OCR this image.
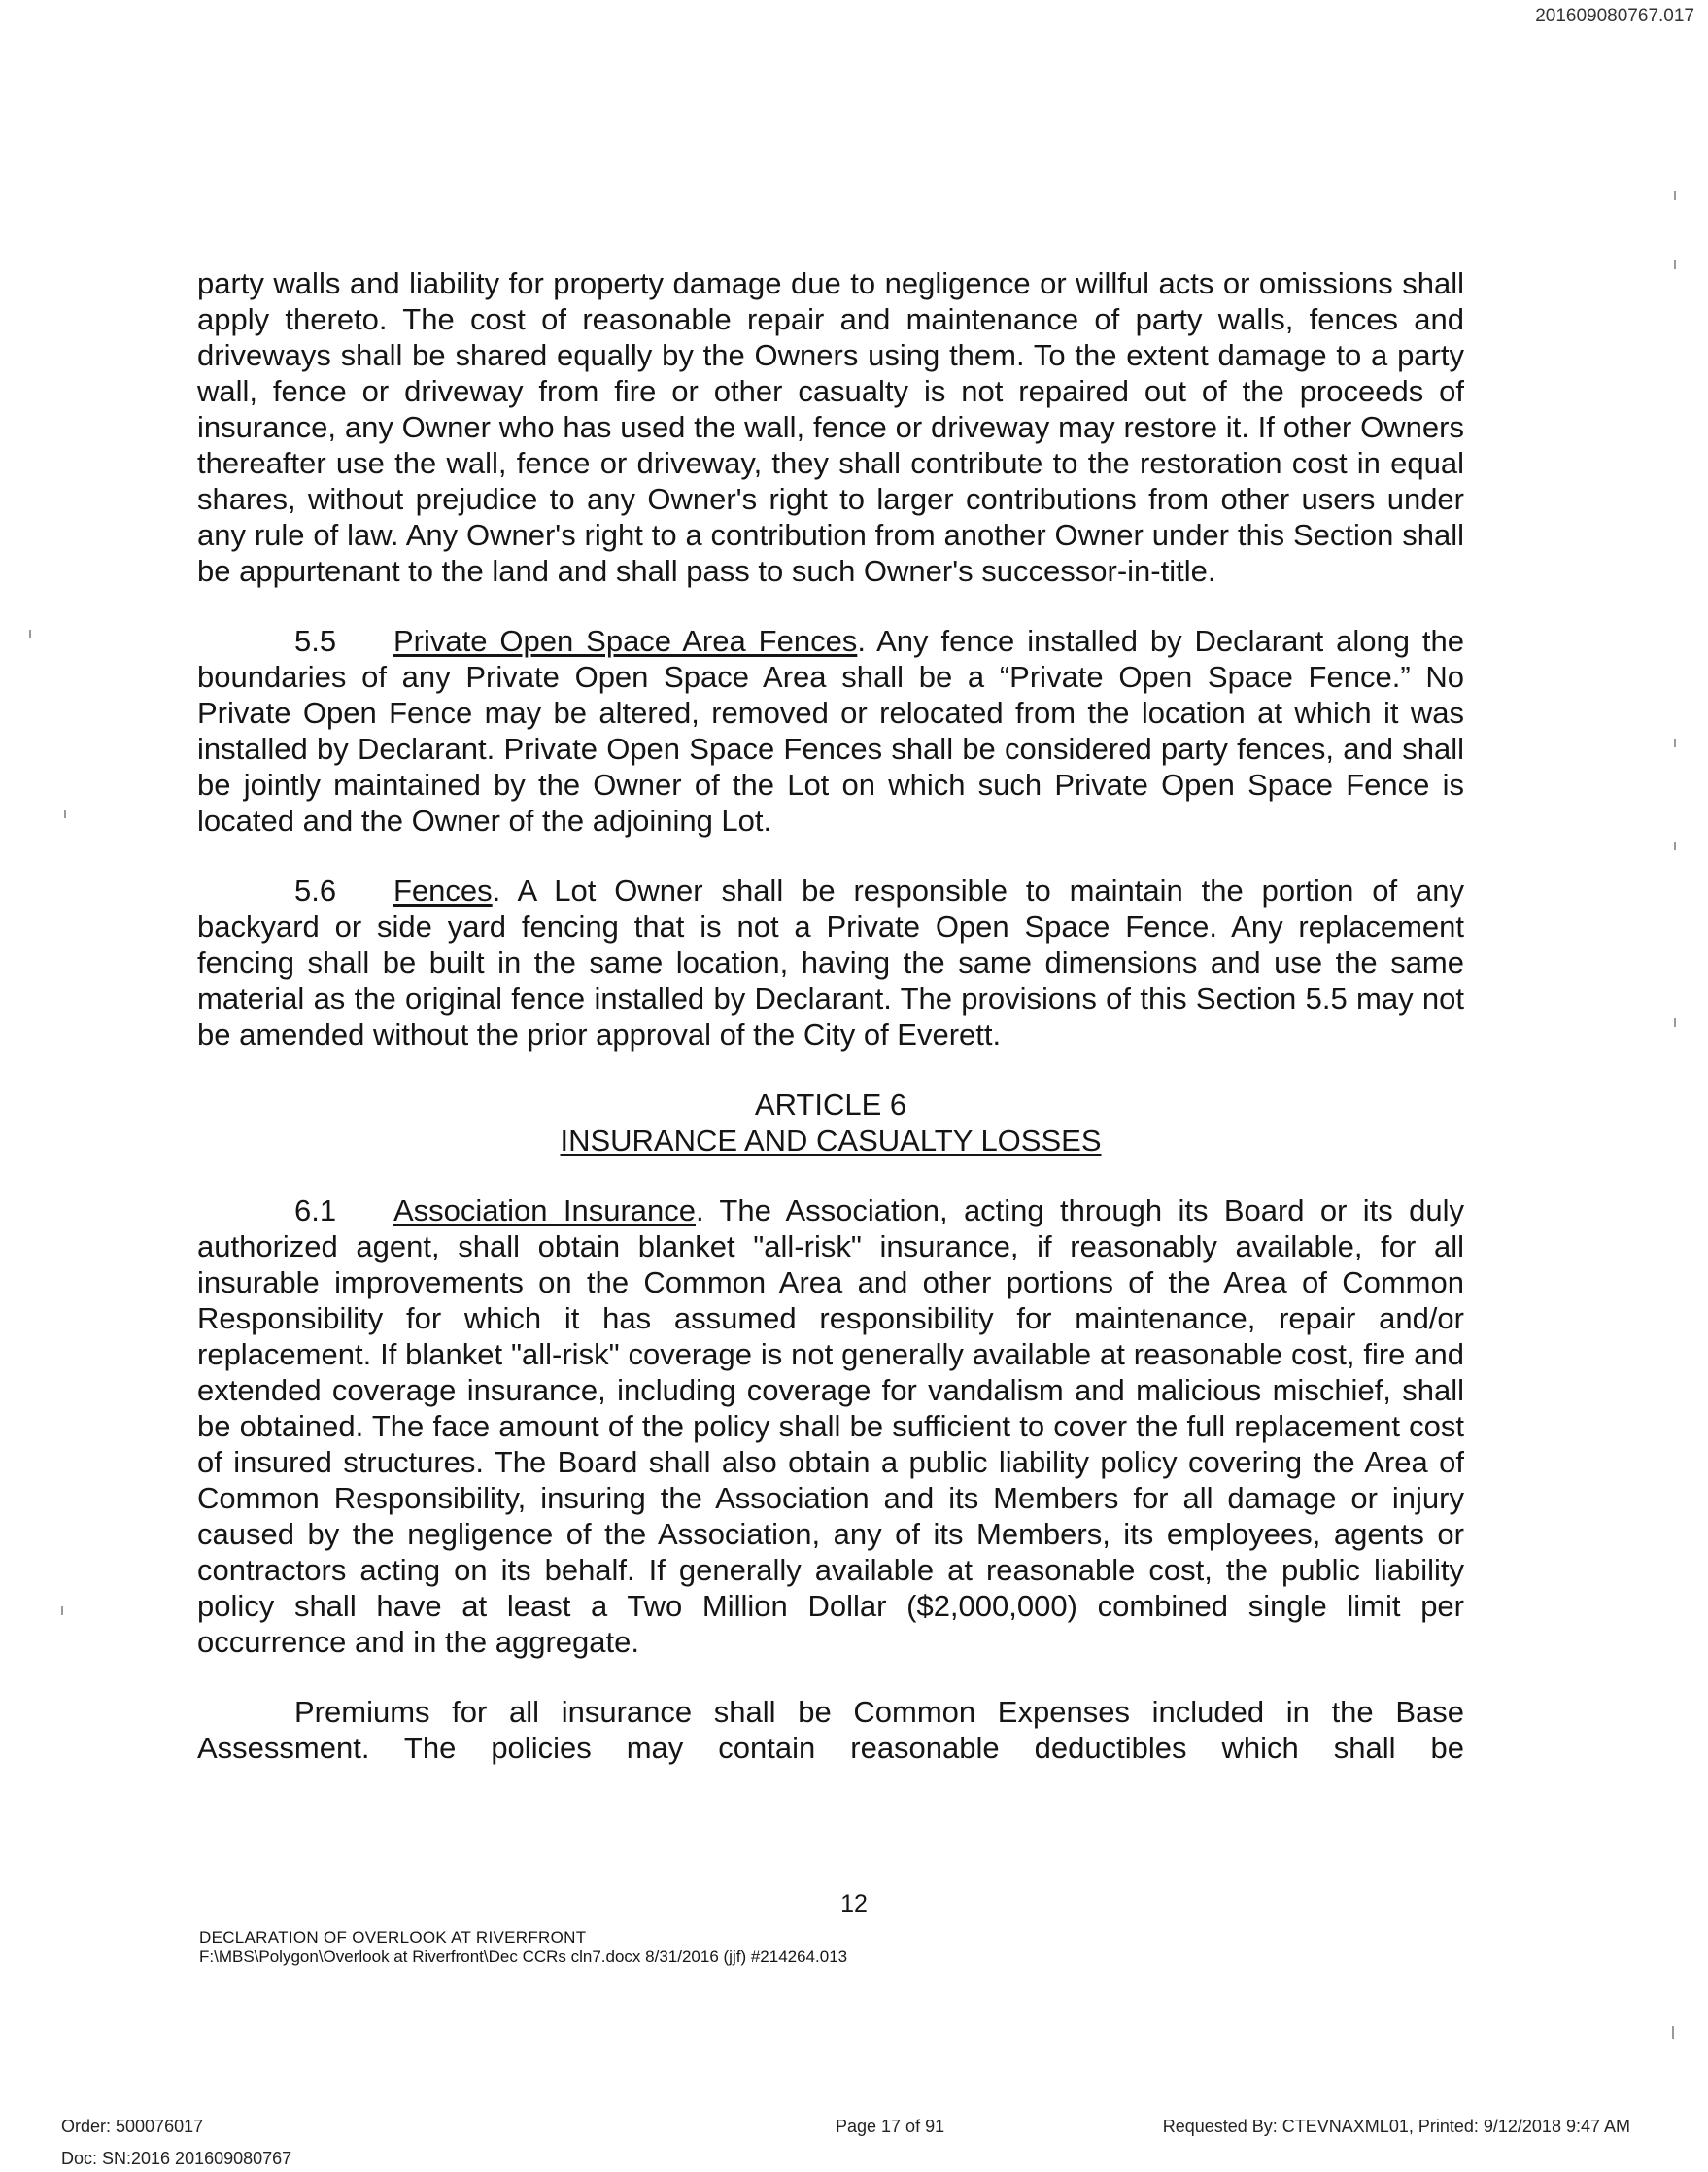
201609080767.017

party walls and liability for property damage due to negligence or willful acts or omissions shall apply thereto. The cost of reasonable repair and maintenance of party walls, fences and driveways shall be shared equally by the Owners using them. To the extent damage to a party wall, fence or driveway from fire or other casualty is not repaired out of the proceeds of insurance, any Owner who has used the wall, fence or driveway may restore it. If other Owners thereafter use the wall, fence or driveway, they shall contribute to the restoration cost in equal shares, without prejudice to any Owner's right to larger contributions from other users under any rule of law. Any Owner's right to a contribution from another Owner under this Section shall be appurtenant to the land and shall pass to such Owner's successor-in-title.

5.5 Private Open Space Area Fences. Any fence installed by Declarant along the boundaries of any Private Open Space Area shall be a “Private Open Space Fence.” No Private Open Fence may be altered, removed or relocated from the location at which it was installed by Declarant. Private Open Space Fences shall be considered party fences, and shall be jointly maintained by the Owner of the Lot on which such Private Open Space Fence is located and the Owner of the adjoining Lot.

5.6 Fences. A Lot Owner shall be responsible to maintain the portion of any backyard or side yard fencing that is not a Private Open Space Fence. Any replacement fencing shall be built in the same location, having the same dimensions and use the same material as the original fence installed by Declarant. The provisions of this Section 5.5 may not be amended without the prior approval of the City of Everett.

ARTICLE 6
INSURANCE AND CASUALTY LOSSES

6.1 Association Insurance. The Association, acting through its Board or its duly authorized agent, shall obtain blanket "all-risk" insurance, if reasonably available, for all insurable improvements on the Common Area and other portions of the Area of Common Responsibility for which it has assumed responsibility for maintenance, repair and/or replacement. If blanket "all-risk" coverage is not generally available at reasonable cost, fire and extended coverage insurance, including coverage for vandalism and malicious mischief, shall be obtained. The face amount of the policy shall be sufficient to cover the full replacement cost of insured structures. The Board shall also obtain a public liability policy covering the Area of Common Responsibility, insuring the Association and its Members for all damage or injury caused by the negligence of the Association, any of its Members, its employees, agents or contractors acting on its behalf. If generally available at reasonable cost, the public liability policy shall have at least a Two Million Dollar ($2,000,000) combined single limit per occurrence and in the aggregate.

Premiums for all insurance shall be Common Expenses included in the Base Assessment. The policies may contain reasonable deductibles which shall be

12
DECLARATION OF OVERLOOK AT RIVERFRONT
F:\MBS\Polygon\Overlook at Riverfront\Dec CCRs cln7.docx 8/31/2016 (jjf) #214264.013
Order: 500076017
Doc: SN:2016 201609080767
Page 17 of 91	Requested By: CTEVNAXML01, Printed: 9/12/2018 9:47 AM
